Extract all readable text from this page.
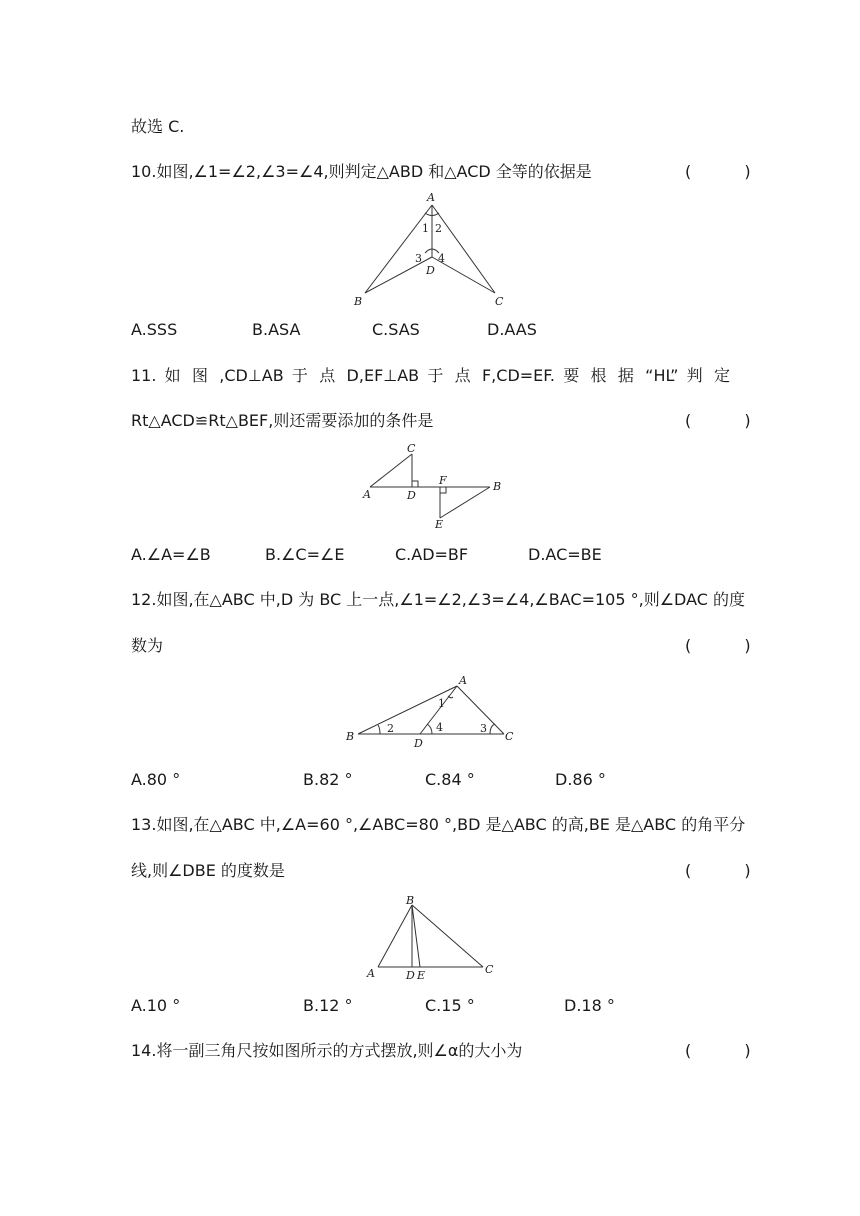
故选 C.
10.如图,∠1=∠2,∠3=∠4,则判定△ABD 和△ACD 全等的依据是	( )
A
B	C
D
1 2
3 4
A.SSS	B.ASA	C.SAS	D.AAS
11. 如 图 ,CD⊥AB 于 点 D,EF⊥AB 于 点 F,CD=EF. 要 根 据 “HL” 判 定
Rt△ACD≌Rt△BEF,则还需要添加的条件是	( )
A
B
C
D
E
F
A.∠A=∠B	B.∠C=∠E	C.AD=BF	D.AC=BE
12.如图,在△ABC 中,D 为 BC 上一点,∠1=∠2,∠3=∠4,∠BAC=105 °,则∠DAC 的度
数为	( )
A
B	C
D
1
2	3
4
A.80 °	B.82 °	C.84 °	D.86 °
13.如图,在△ABC 中,∠A=60 °,∠ABC=80 °,BD 是△ABC 的高,BE 是△ABC 的角平分
线,则∠DBE 的度数是	( )
B
A	C
D E
A.10 °	B.12 °	C.15 °	D.18 °
14.将一副三角尺按如图所示的方式摆放,则∠α的大小为	( )
